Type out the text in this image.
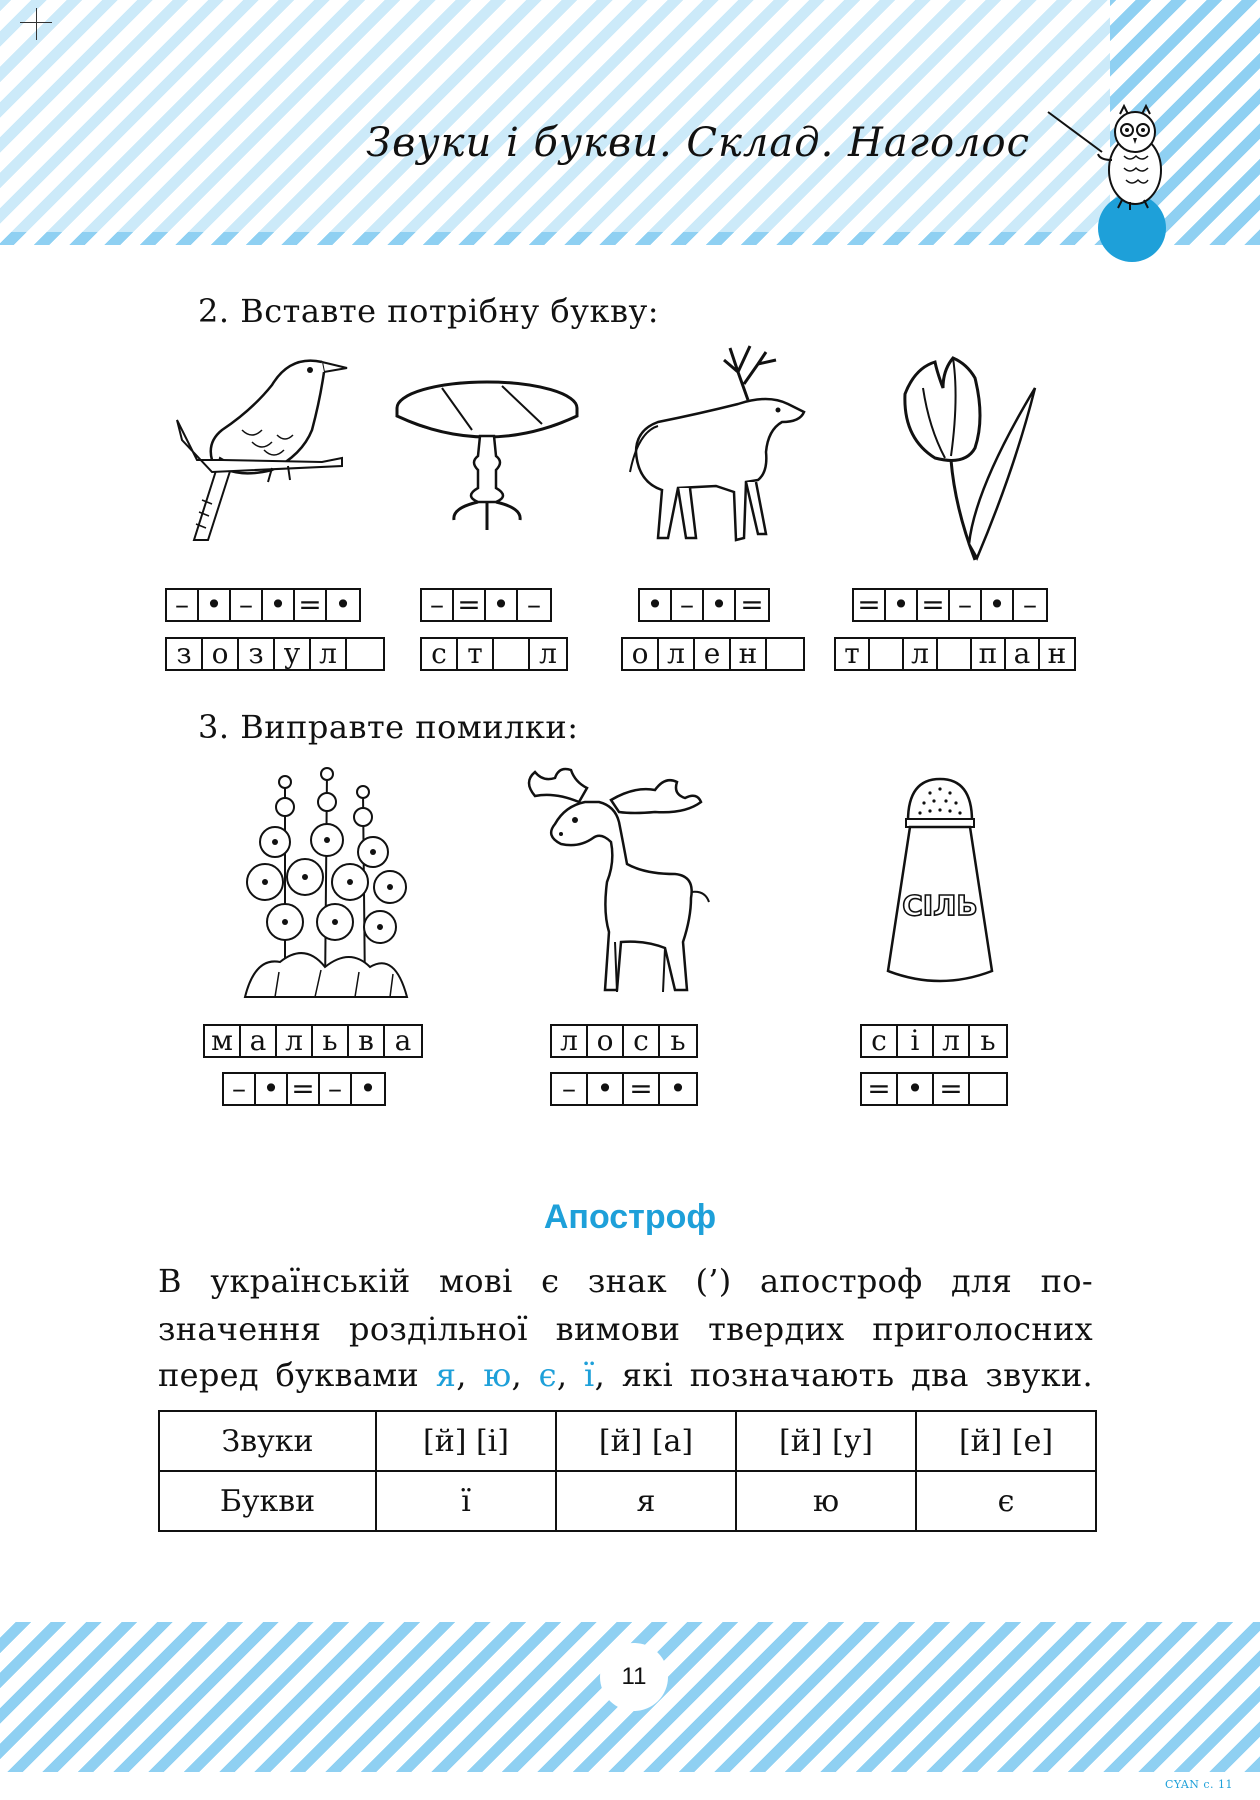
Звуки і букви. Склад. Наголос
2. Вставте потрібну букву:
– • – • = •
з о з у л
– = • –
с т	л
• – • =
о л е н
= • = – • –
т	л	п а н
3. Виправте помилки:
СІЛЬ
м а л ь в а
– • = – •
л о с ь
– • = •
с і л ь
= • =
Апостроф
В українській мові є знак (’) апостроф для по-
значення роздільної вимови твердих приголосних
перед буквами я, ю, є, ї, які позначають два звуки.
Звуки	[й] [і]	[й] [а]	[й] [у]	[й] [е]
Букви	ї	я	ю	є
11
CYAN с. 11
